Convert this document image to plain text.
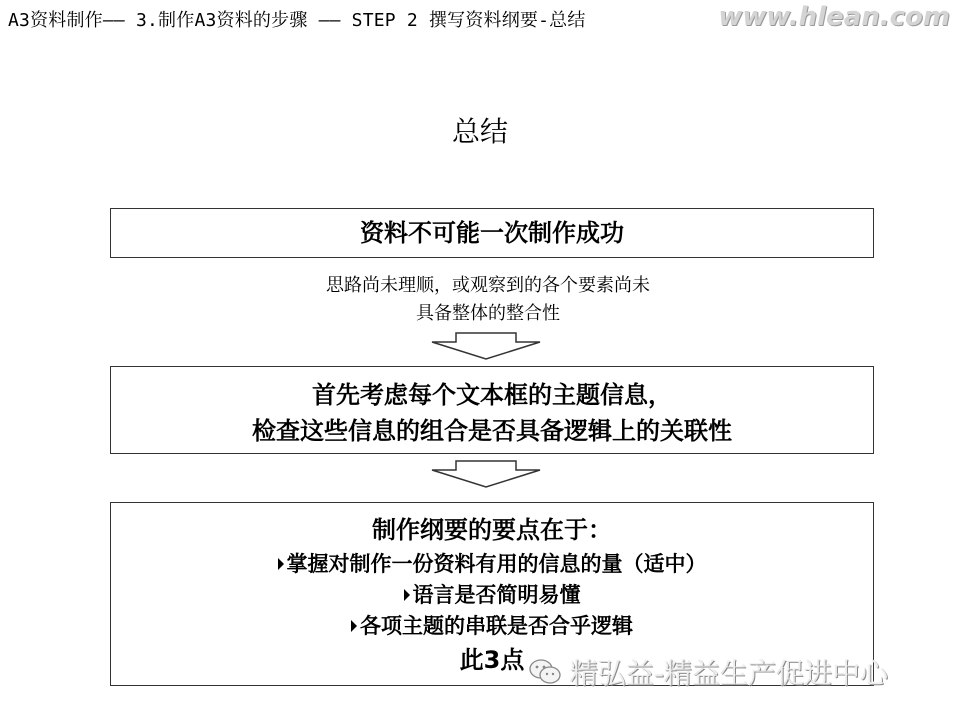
A3资料制作—— 3.制作A3资料的步骤 —— STEP 2 撰写资料纲要-总结	www.hlean.com
总结
资料不可能一次制作成功
思路尚未理顺，或观察到的各个要素尚未
具备整体的整合性
首先考虑每个文本框的主题信息，
检查这些信息的组合是否具备逻辑上的关联性
制作纲要的要点在于：
掌握对制作一份资料有用的信息的量（适中）
语言是否简明易懂
各项主题的串联是否合乎逻辑
此3点	精弘益-精益生产促进中心
